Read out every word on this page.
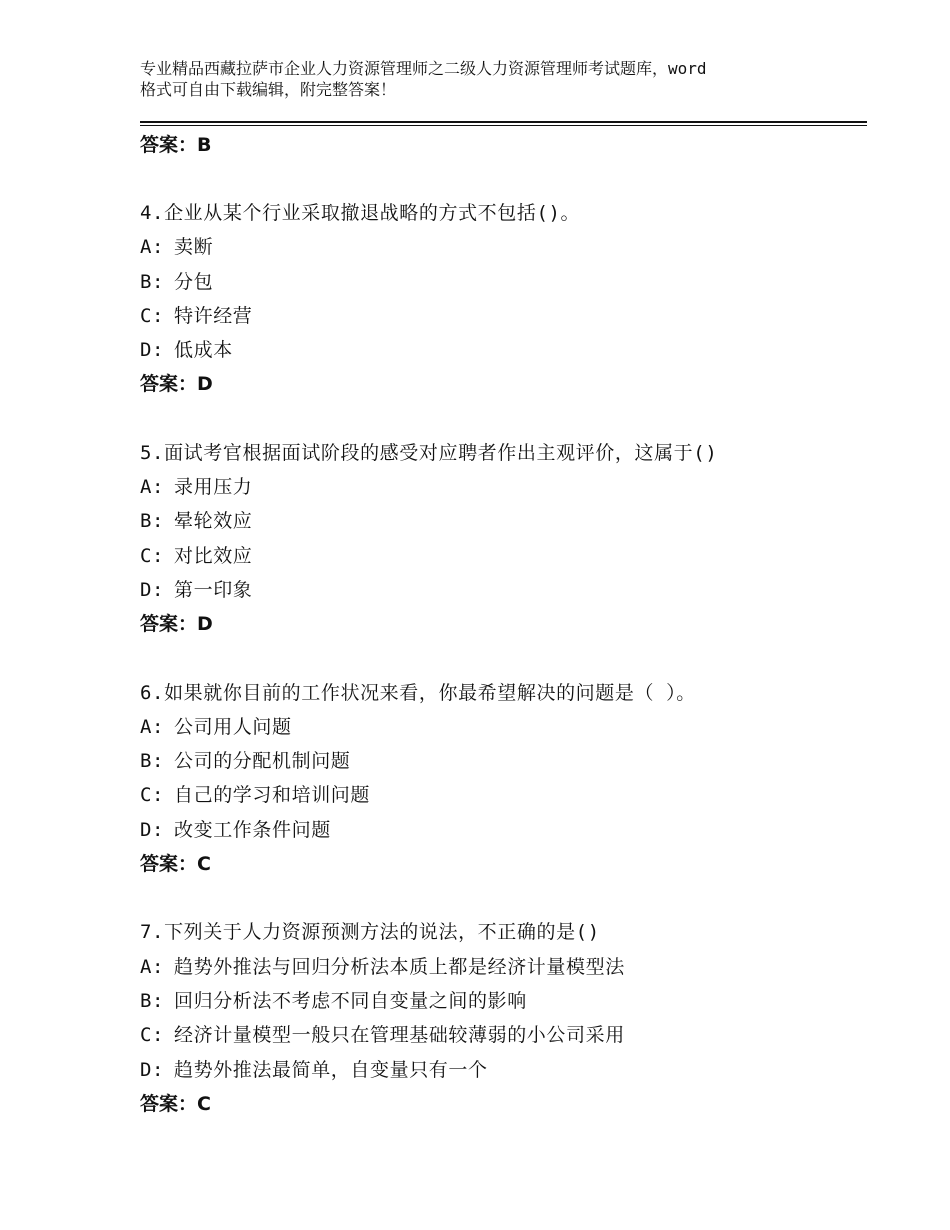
专业精品西藏拉萨市企业人力资源管理师之二级人力资源管理师考试题库，word
格式可自由下载编辑，附完整答案！
答案：B
4.企业从某个行业采取撤退战略的方式不包括()。
A: 卖断
B: 分包
C: 特许经营
D: 低成本
答案：D
5.面试考官根据面试阶段的感受对应聘者作出主观评价，这属于()
A: 录用压力
B: 晕轮效应
C: 对比效应
D: 第一印象
答案：D
6.如果就你目前的工作状况来看，你最希望解决的问题是（ ）。
A: 公司用人问题
B: 公司的分配机制问题
C: 自己的学习和培训问题
D: 改变工作条件问题
答案：C
7.下列关于人力资源预测方法的说法，不正确的是()
A: 趋势外推法与回归分析法本质上都是经济计量模型法
B: 回归分析法不考虑不同自变量之间的影响
C: 经济计量模型一般只在管理基础较薄弱的小公司采用
D: 趋势外推法最简单，自变量只有一个
答案：C
